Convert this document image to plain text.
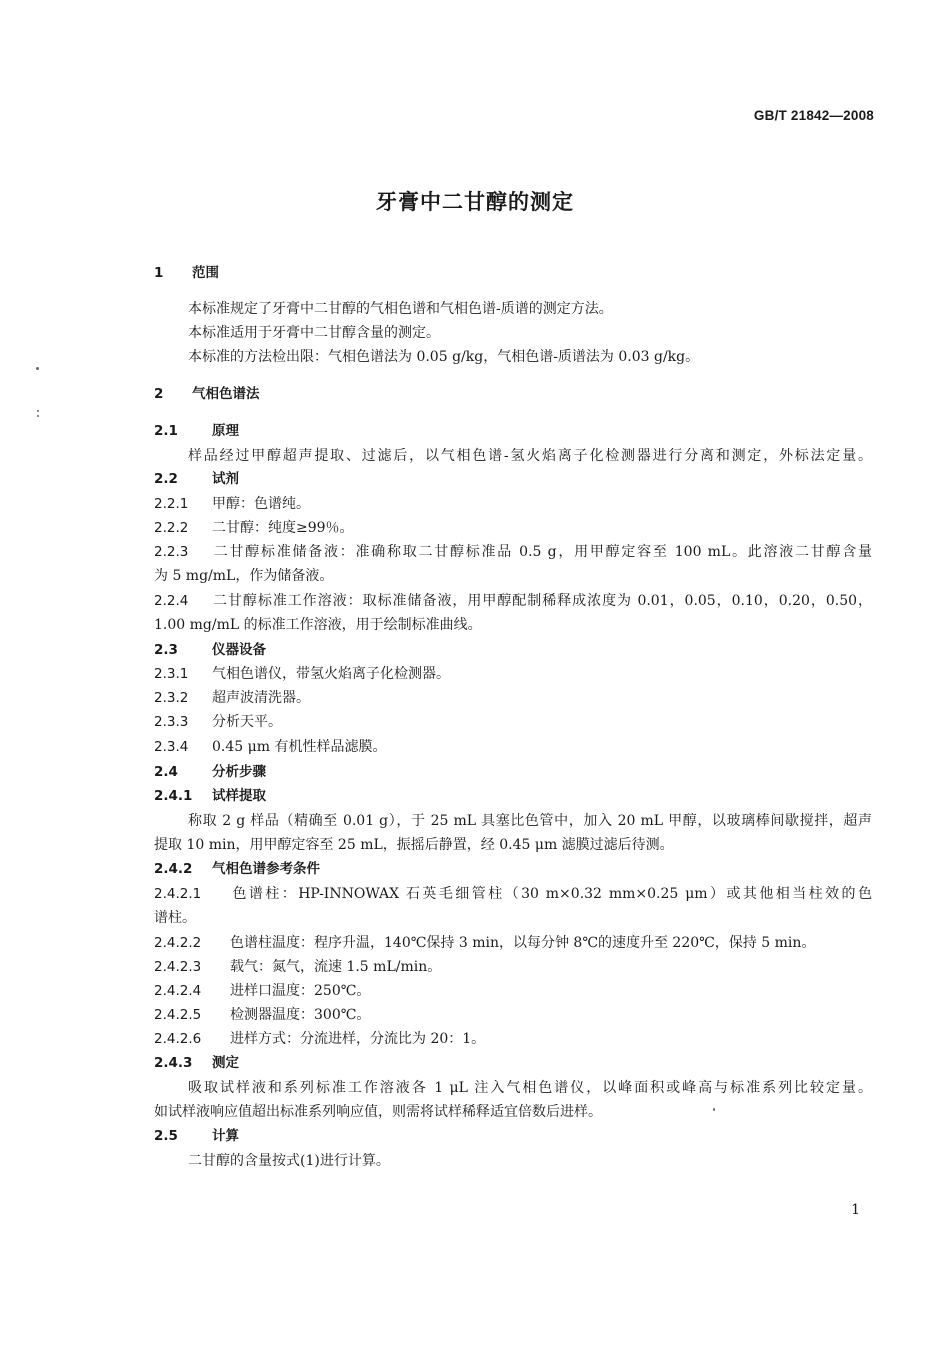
GB/T 21842—2008
牙膏中二甘醇的测定
1 范围
本标准规定了牙膏中二甘醇的气相色谱和气相色谱-质谱的测定方法。
本标准适用于牙膏中二甘醇含量的测定。
本标准的方法检出限：气相色谱法为 0.05 g/kg，气相色谱-质谱法为 0.03 g/kg。
2 气相色谱法
2.1	原理
样品经过甲醇超声提取、过滤后，以气相色谱-氢火焰离子化检测器进行分离和测定，外标法定量。
2.2	试剂
2.2.1 甲醇：色谱纯。
2.2.2 二甘醇：纯度≥99％。
2.2.3 二甘醇标准储备液：准确称取二甘醇标准品 0.5 g，用甲醇定容至 100 mL。此溶液二甘醇含量
为 5 mg/mL，作为储备液。
2.2.4 二甘醇标准工作溶液：取标准储备液，用甲醇配制稀释成浓度为 0.01，0.05，0.10，0.20，0.50，
1.00 mg/mL 的标准工作溶液，用于绘制标准曲线。
2.3	仪器设备
2.3.1 气相色谱仪，带氢火焰离子化检测器。
2.3.2 超声波清洗器。
2.3.3 分析天平。
2.3.4 0.45 μm 有机性样品滤膜。
2.4	分析步骤
2.4.1 试样提取
称取 2 g 样品（精确至 0.01 g），于 25 mL 具塞比色管中，加入 20 mL 甲醇，以玻璃棒间歇搅拌，超声
提取 10 min，用甲醇定容至 25 mL，振摇后静置，经 0.45 μm 滤膜过滤后待测。
2.4.2 气相色谱参考条件
2.4.2.1 色谱柱：HP-INNOWAX 石英毛细管柱（30 m×0.32 mm×0.25 μm）或其他相当柱效的色
谱柱。
2.4.2.2 色谱柱温度：程序升温，140℃保持 3 min，以每分钟 8℃的速度升至 220℃，保持 5 min。
2.4.2.3 载气：氮气，流速 1.5 mL/min。
2.4.2.4 进样口温度：250℃。
2.4.2.5 检测器温度：300℃。
2.4.2.6 进样方式：分流进样，分流比为 20：1。
2.4.3 测定
吸取试样液和系列标准工作溶液各 1 μL 注入气相色谱仪，以峰面积或峰高与标准系列比较定量。
如试样液响应值超出标准系列响应值，则需将试样稀释适宜倍数后进样。
2.5	计算
二甘醇的含量按式(1)进行计算。
1
